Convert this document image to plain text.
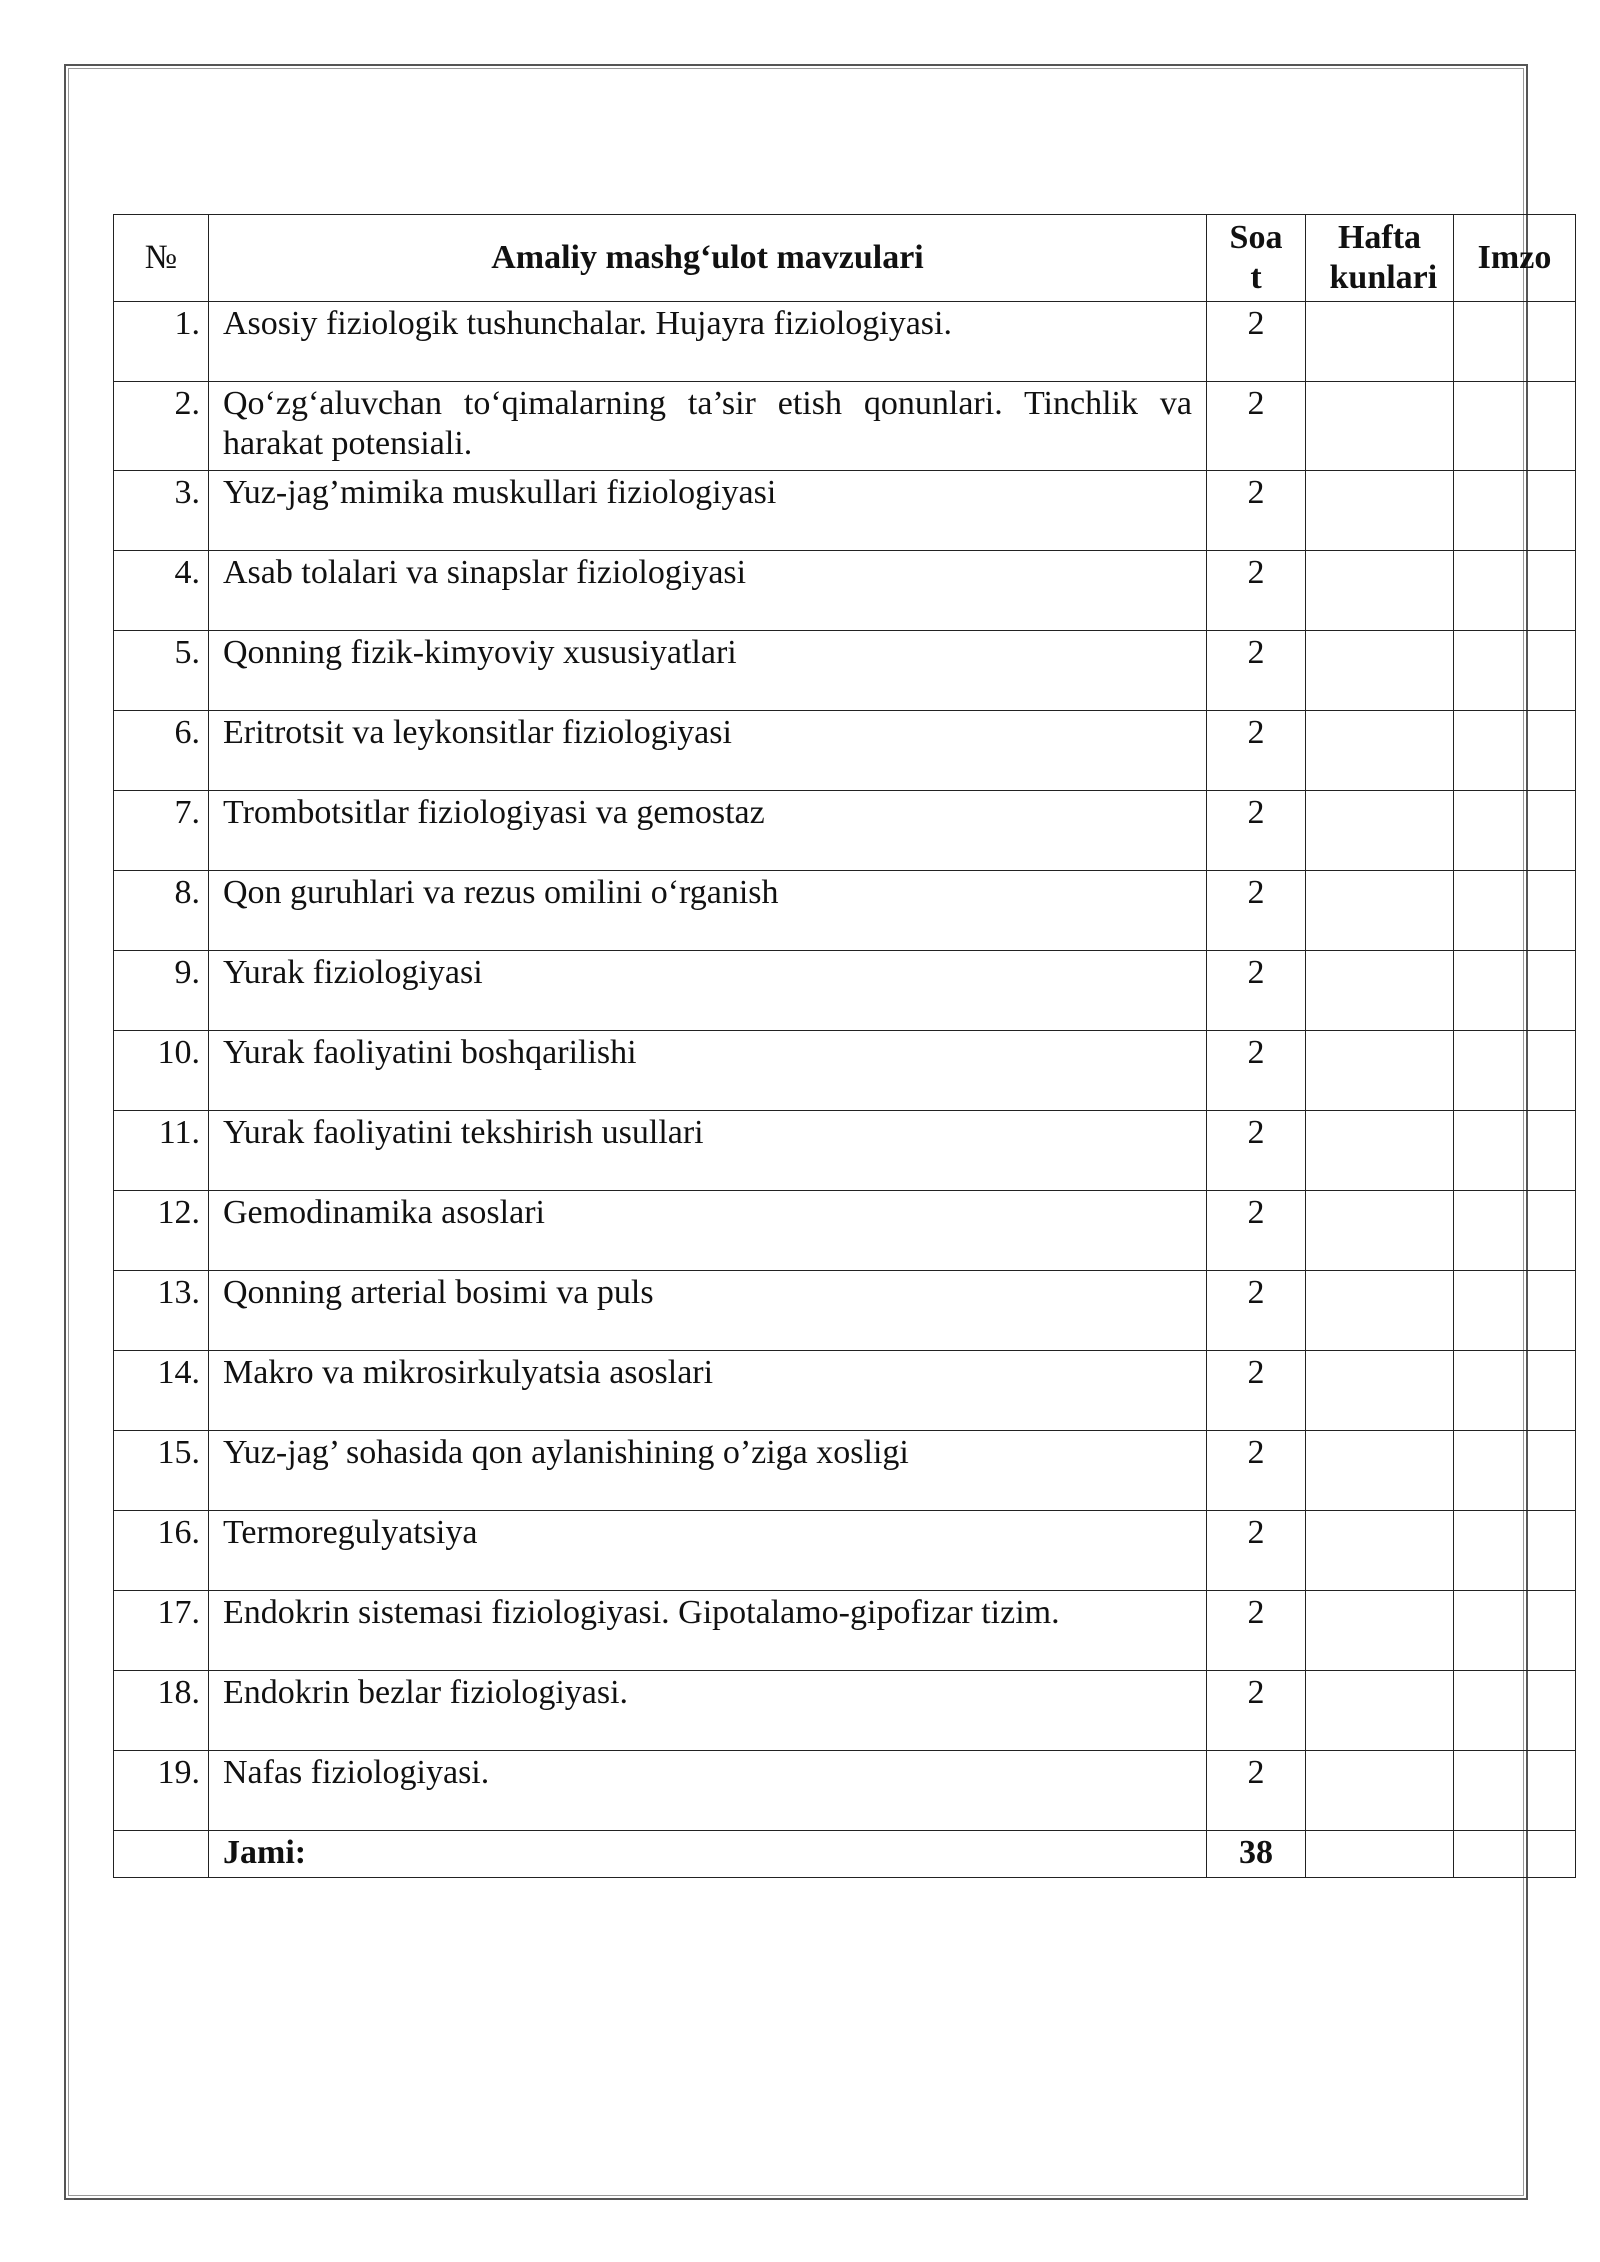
№	Amaliy mashg‘ulot mavzulari	Soa t	Hafta kunlari	Imzo
1.	Asosiy fiziologik tushunchalar. Hujayra fiziologiyasi.	2		
2.	Qo‘zg‘aluvchan to‘qimalarning ta’sir etish qonunlari. Tinchlik va harakat potensiali.	2		
3.	Yuz-jag’mimika muskullari fiziologiyasi	2		
4.	Asab tolalari va sinapslar fiziologiyasi	2		
5.	Qonning fizik-kimyoviy xususiyatlari	2		
6.	Eritrotsit va leykonsitlar fiziologiyasi	2		
7.	Trombotsitlar fiziologiyasi va gemostaz	2		
8.	Qon guruhlari va rezus omilini o‘rganish	2		
9.	Yurak fiziologiyasi	2		
10.	Yurak faoliyatini boshqarilishi	2		
11.	Yurak faoliyatini tekshirish usullari	2		
12.	Gemodinamika asoslari	2		
13.	Qonning arterial bosimi va puls	2		
14.	Makro va mikrosirkulyatsia asoslari	2		
15.	Yuz-jag’ sohasida qon aylanishining o’ziga xosligi	2		
16.	Termoregulyatsiya	2		
17.	Endokrin sistemasi fiziologiyasi. Gipotalamo-gipofizar tizim.	2		
18.	Endokrin bezlar fiziologiyasi.	2		
19.	Nafas fiziologiyasi.	2		
	Jami:	38		
